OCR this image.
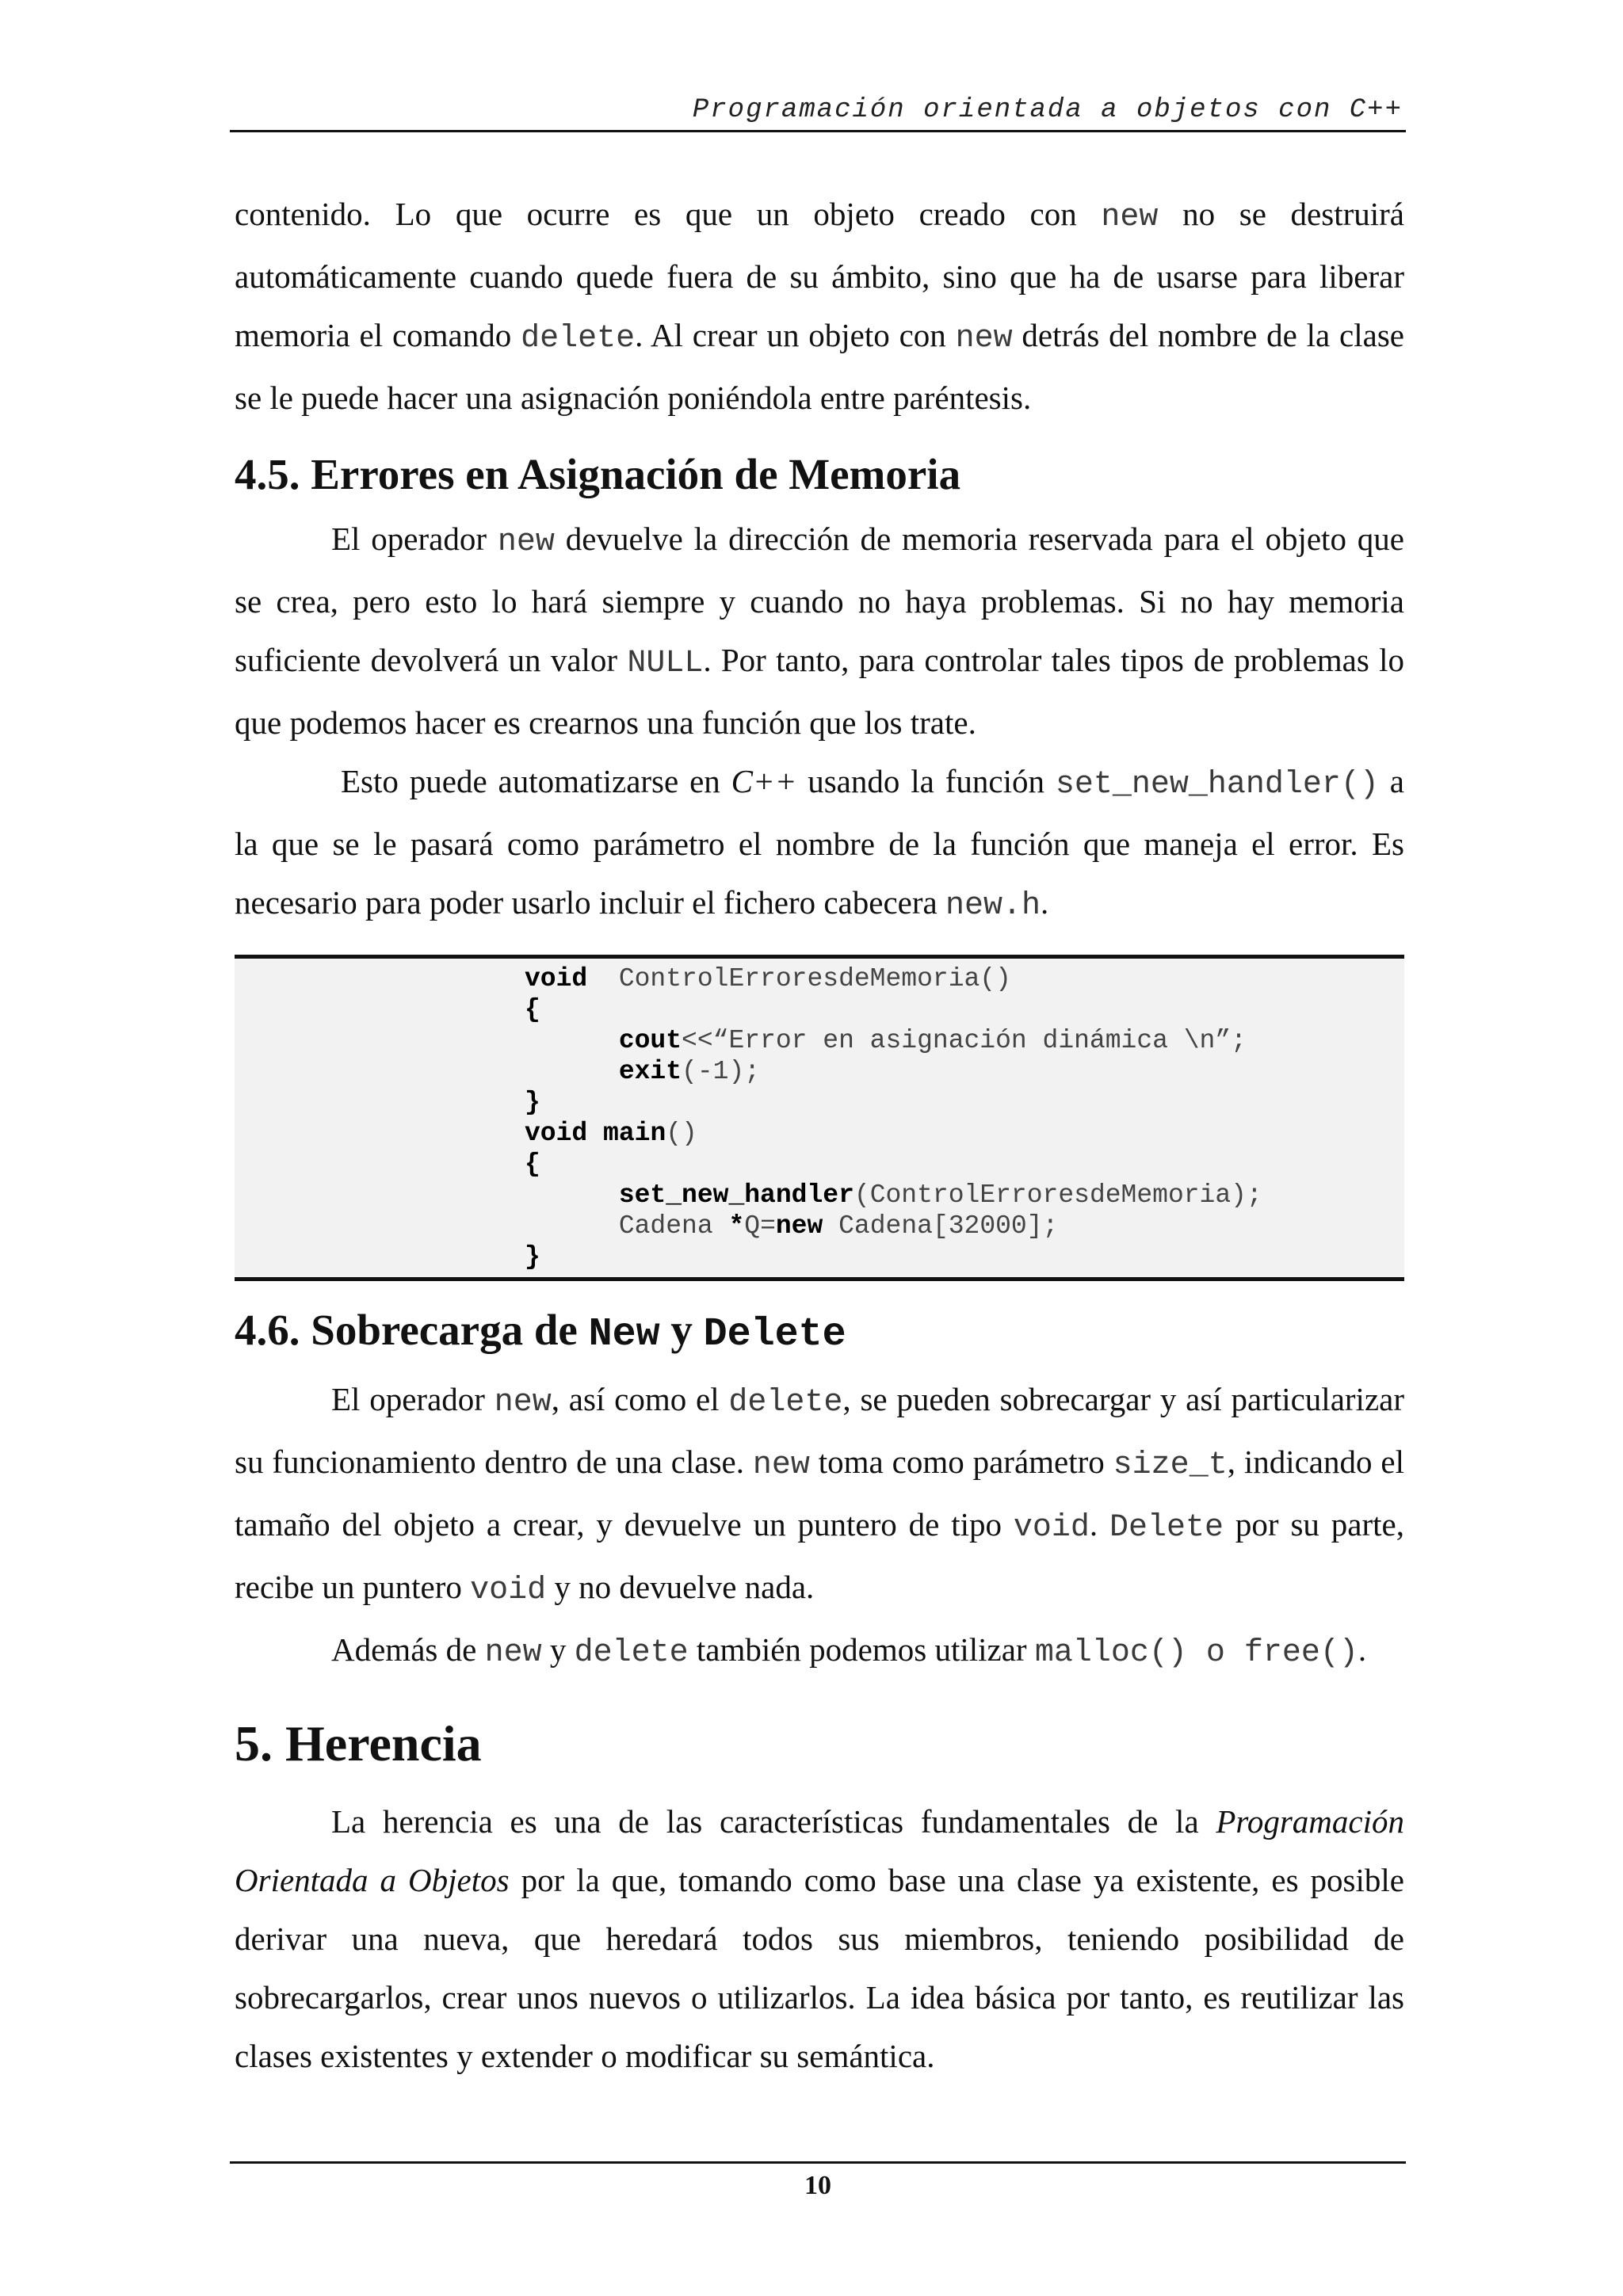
Programación orientada a objetos con C++

contenido. Lo que ocurre es que un objeto creado con new no se destruirá automáticamente cuando quede fuera de su ámbito, sino que ha de usarse para liberar memoria el comando delete. Al crear un objeto con new detrás del nombre de la clase se le puede hacer una asignación poniéndola entre paréntesis.

4.5. Errores en Asignación de Memoria

El operador new devuelve la dirección de memoria reservada para el objeto que se crea, pero esto lo hará siempre y cuando no haya problemas. Si no hay memoria suficiente devolverá un valor NULL. Por tanto, para controlar tales tipos de problemas lo que podemos hacer es crearnos una función que los trate.

Esto puede automatizarse en C++ usando la función set_new_handler() a la que se le pasará como parámetro el nombre de la función que maneja el error. Es necesario para poder usarlo incluir el fichero cabecera new.h.

void  ControlErroresdeMemoria()
{
cout<<“Error en asignación dinámica \n”;
exit(-1);
}
void main()
{
set_new_handler(ControlErroresdeMemoria);
Cadena *Q=new Cadena[32000];
}
4.6. Sobrecarga de New y Delete

El operador new, así como el delete, se pueden sobrecargar y así particularizar su funcionamiento dentro de una clase. new toma como parámetro size_t, indicando el tamaño del objeto a crear, y devuelve un puntero de tipo void. Delete por su parte, recibe un puntero void y no devuelve nada.

Además de new y delete también podemos utilizar malloc() o free().

5. Herencia

La herencia es una de las características fundamentales de la Programación Orientada a Objetos por la que, tomando como base una clase ya existente, es posible derivar una nueva, que heredará todos sus miembros, teniendo posibilidad de sobrecargarlos, crear unos nuevos o utilizarlos. La idea básica por tanto, es reutilizar las clases existentes y extender o modificar su semántica.

10
